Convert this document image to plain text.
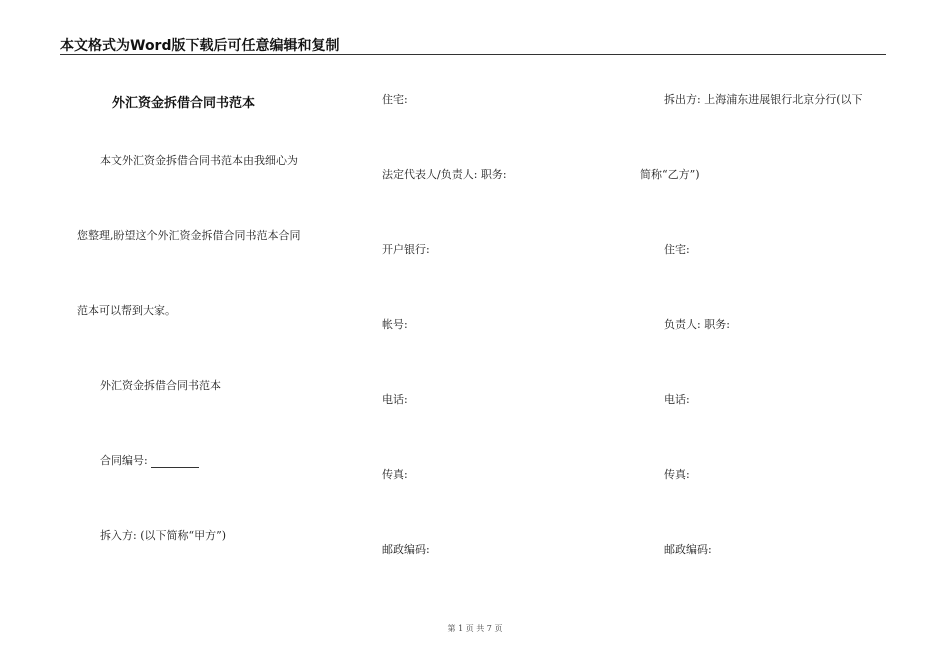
本文格式为Word版下载后可任意编辑和复制
外汇资金拆借合同书范本
本文外汇资金拆借合同书范本由我细心为
您整理,盼望这个外汇资金拆借合同书范本合同
范本可以帮到大家。
外汇资金拆借合同书范本
合同编号:
拆入方: (以下简称“甲方”)
住宅:
法定代表人/负责人: 职务:
开户银行:
帐号:
电话:
传真:
邮政编码:
拆出方: 上海浦东进展银行北京分行(以下
简称“乙方”)
住宅:
负责人: 职务:
电话:
传真:
邮政编码:
第 1 页 共 7 页
